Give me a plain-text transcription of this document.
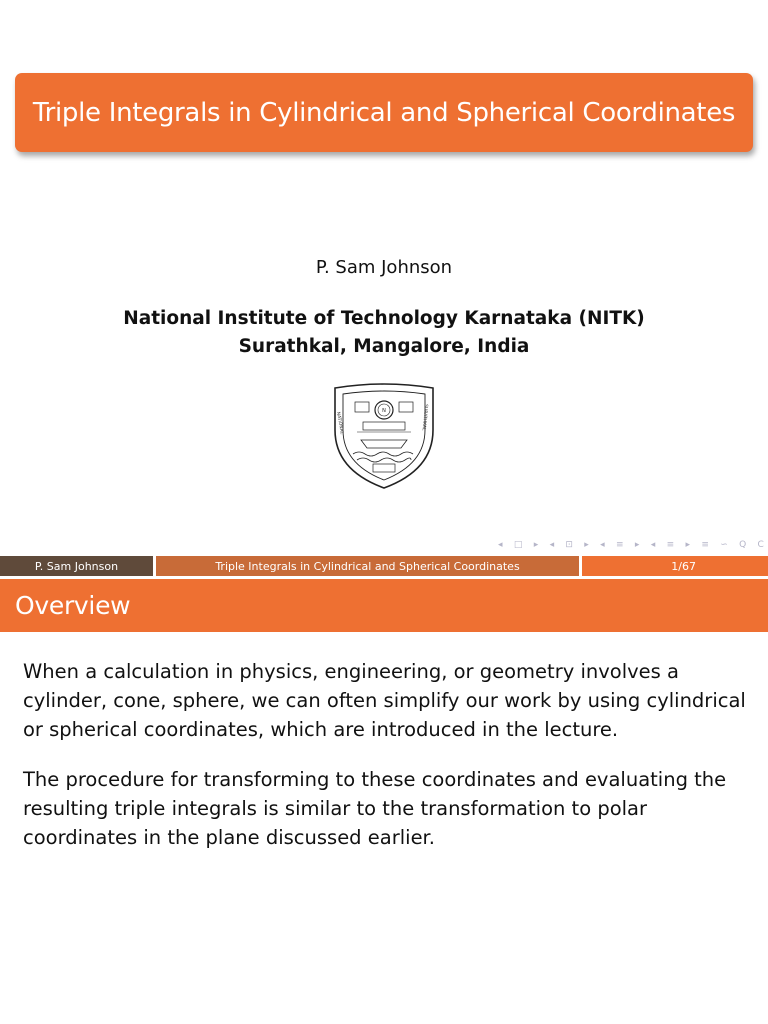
Triple Integrals in Cylindrical and Spherical Coordinates
P. Sam Johnson
National Institute of Technology Karnataka (NITK)
Surathkal, Mangalore, India
NATIONAL	SURATHKAL
N
◂ □ ▸ ◂ ⊡ ▸ ◂ ≡ ▸ ◂ ≡ ▸ ≡ ∽ Q C
P. Sam Johnson	Triple Integrals in Cylindrical and Spherical Coordinates	1/67
Overview

When a calculation in physics, engineering, or geometry involves a cylinder, cone, sphere, we can often simplify our work by using cylindrical or spherical coordinates, which are introduced in the lecture.

The procedure for transforming to these coordinates and evaluating the resulting triple integrals is similar to the transformation to polar coordinates in the plane discussed earlier.
